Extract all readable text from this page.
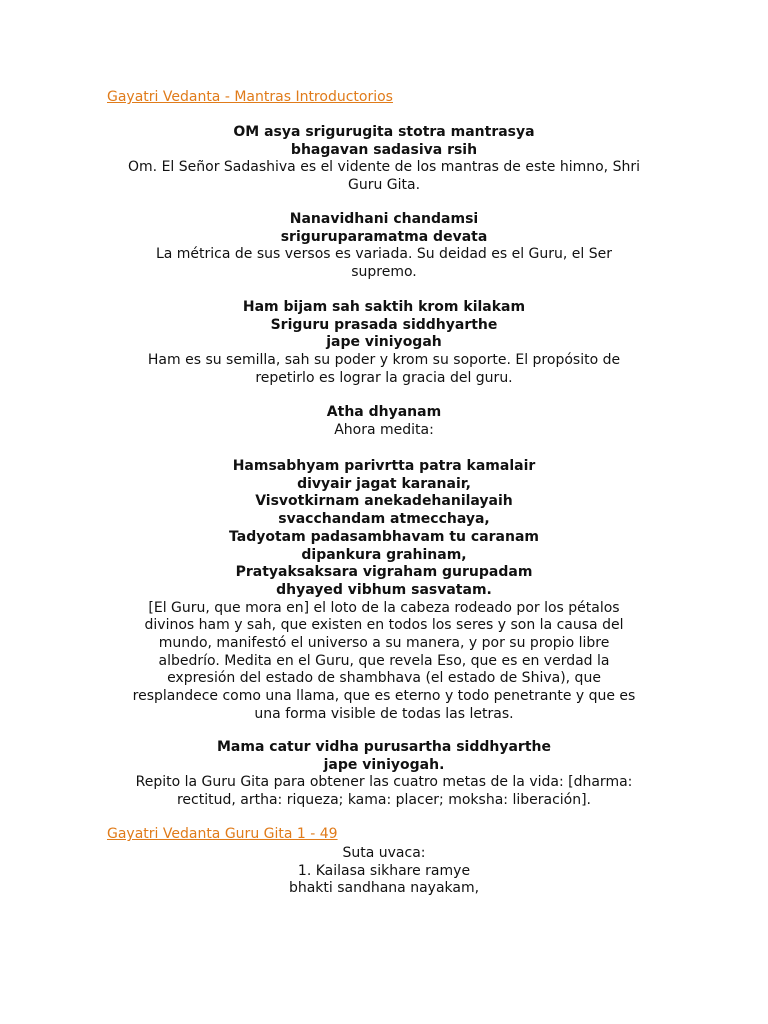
Gayatri Vedanta - Mantras Introductorios
OM asya srigurugita stotra mantrasya
bhagavan sadasiva rsih
Om. El Señor Sadashiva es el vidente de los mantras de este himno, Shri
Guru Gita.
Nanavidhani chandamsi
sriguruparamatma devata
La métrica de sus versos es variada. Su deidad es el Guru, el Ser
supremo.
Ham bijam sah saktih krom kilakam
Sriguru prasada siddhyarthe
jape viniyogah
Ham es su semilla, sah su poder y krom su soporte. El propósito de
repetirlo es lograr la gracia del guru.
Atha dhyanam
Ahora medita:
Hamsabhyam parivrtta patra kamalair
divyair jagat karanair,
Visvotkirnam anekadehanilayaih
svacchandam atmecchaya,
Tadyotam padasambhavam tu caranam
dipankura grahinam,
Pratyaksaksara vigraham gurupadam
dhyayed vibhum sasvatam.
[El Guru, que mora en] el loto de la cabeza rodeado por los pétalos
divinos ham y sah, que existen en todos los seres y son la causa del
mundo, manifestó el universo a su manera, y por su propio libre
albedrío. Medita en el Guru, que revela Eso, que es en verdad la
expresión del estado de shambhava (el estado de Shiva), que
resplandece como una llama, que es eterno y todo penetrante y que es
una forma visible de todas las letras.
Mama catur vidha purusartha siddhyarthe
jape viniyogah.
Repito la Guru Gita para obtener las cuatro metas de la vida: [dharma:
rectitud, artha: riqueza; kama: placer; moksha: liberación].
Gayatri Vedanta Guru Gita 1 - 49
Suta uvaca:
1. Kailasa sikhare ramye
bhakti sandhana nayakam,
